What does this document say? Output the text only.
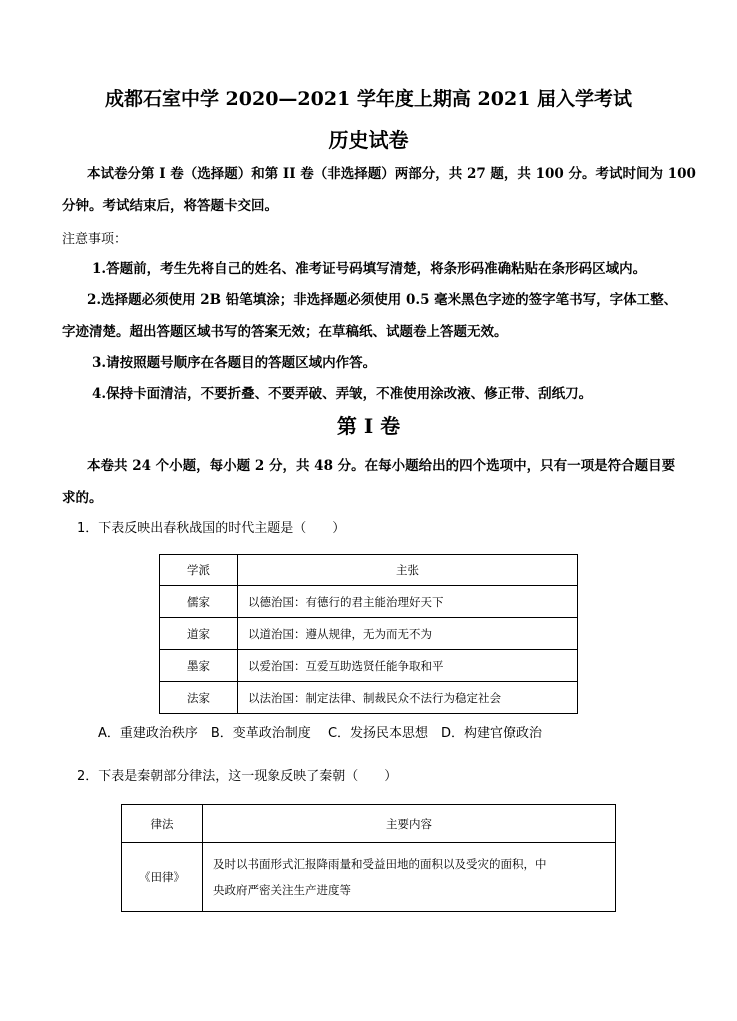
成都石室中学 2020—2021 学年度上期高 2021 届入学考试
历史试卷
本试卷分第 I 卷（选择题）和第 II 卷（非选择题）两部分，共 27 题，共 100 分。考试时间为 100
分钟。考试结束后，将答题卡交回。
注意事项：
1.答题前，考生先将自己的姓名、准考证号码填写清楚，将条形码准确粘贴在条形码区域内。
2.选择题必须使用 2B 铅笔填涂；非选择题必须使用 0.5 毫米黑色字迹的签字笔书写，字体工整、
字迹清楚。超出答题区域书写的答案无效；在草稿纸、试题卷上答题无效。
3.请按照题号顺序在各题目的答题区域内作答。
4.保持卡面清洁，不要折叠、不要弄破、弄皱，不准使用涂改液、修正带、刮纸刀。
第 Ⅰ 卷
本卷共 24 个小题，每小题 2 分，共 48 分。在每小题给出的四个选项中，只有一项是符合题目要
求的。
1．下表反映出春秋战国的时代主题是（　　）
学派	主张
儒家	以德治国：有德行的君主能治理好天下
道家	以道治国：遵从规律，无为而无不为
墨家	以爱治国：互爱互助选贤任能争取和平
法家	以法治国：制定法律、制裁民众不法行为稳定社会
A．重建政治秩序　B．变革政治制度　 C．发扬民本思想　D．构建官僚政治
2．下表是秦朝部分律法，这一现象反映了秦朝（　　）
律法	主要内容
《田律》	及时以书面形式汇报降雨量和受益田地的面积以及受灾的面积，中
央政府严密关注生产进度等
